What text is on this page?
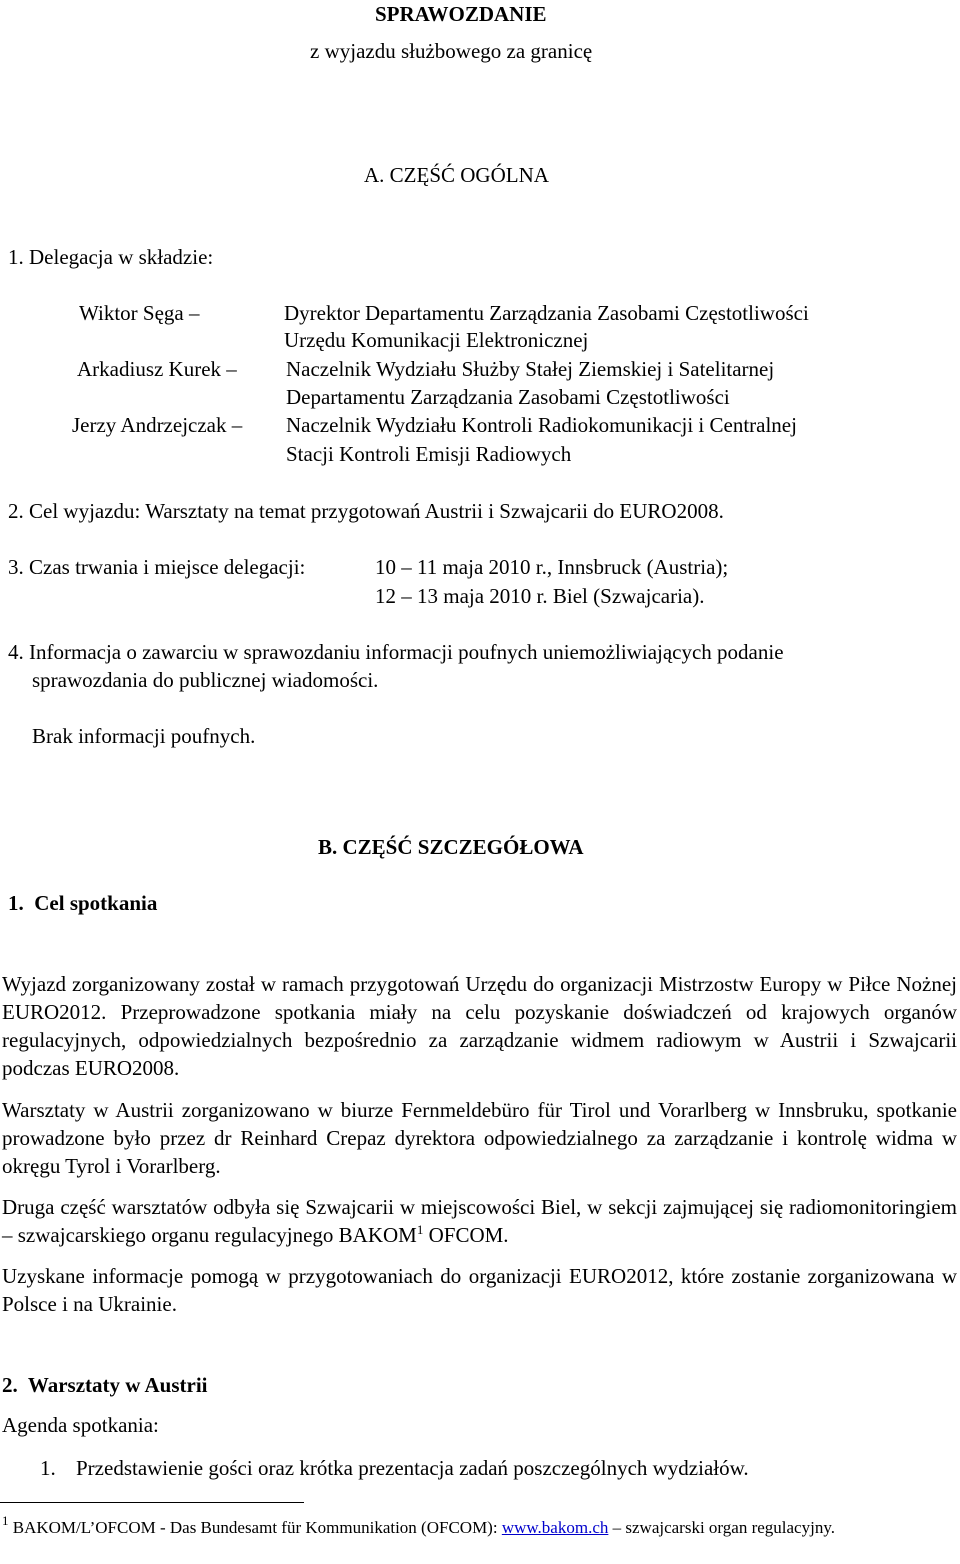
SPRAWOZDANIE
z wyjazdu służbowego za granicę
A. CZĘŚĆ OGÓLNA
1. Delegacja w składzie:
Wiktor Sęga –	Dyrektor Departamentu Zarządzania Zasobami Częstotliwości
Urzędu Komunikacji Elektronicznej
Arkadiusz Kurek – Naczelnik Wydziału Służby Stałej Ziemskiej i Satelitarnej
Departamentu Zarządzania Zasobami Częstotliwości
Jerzy Andrzejczak – Naczelnik Wydziału Kontroli Radiokomunikacji i Centralnej
Stacji Kontroli Emisji Radiowych
2. Cel wyjazdu: Warsztaty na temat przygotowań Austrii i Szwajcarii do EURO2008.
3. Czas trwania i miejsce delegacji:	10 – 11 maja 2010 r., Innsbruck (Austria);
12 – 13 maja 2010 r. Biel (Szwajcaria).
4. Informacja o zawarciu w sprawozdaniu informacji poufnych uniemożliwiających podanie
sprawozdania do publicznej wiadomości.
Brak informacji poufnych.
B. CZĘŚĆ SZCZEGÓŁOWA
1.  Cel spotkania
Wyjazd zorganizowany został w ramach przygotowań Urzędu do organizacji Mistrzostw Europy w Piłce Nożnej EURO2012. Przeprowadzone spotkania miały na celu pozyskanie doświadczeń od krajowych organów regulacyjnych, odpowiedzialnych bezpośrednio za zarządzanie widmem radiowym w Austrii i Szwajcarii podczas EURO2008.
Warsztaty w Austrii zorganizowano w biurze Fernmeldebüro für Tirol und Vorarlberg w Innsbruku, spotkanie prowadzone było przez dr Reinhard Crepaz dyrektora odpowiedzialnego za zarządzanie i kontrolę widma w okręgu Tyrol i Vorarlberg.
Druga część warsztatów odbyła się Szwajcarii w miejscowości Biel, w sekcji zajmującej się radiomonitoringiem – szwajcarskiego organu regulacyjnego BAKOM$^1$ OFCOM.
Uzyskane informacje pomogą w przygotowaniach do organizacji EURO2012, które zostanie zorganizowana w Polsce i na Ukrainie.
2.  Warsztaty w Austrii
Agenda spotkania:
1. Przedstawienie gości oraz krótka prezentacja zadań poszczególnych wydziałów.
$^1$ BAKOM/L’OFCOM - Das Bundesamt für Kommunikation (OFCOM): www.bakom.ch – szwajcarski organ regulacyjny.
